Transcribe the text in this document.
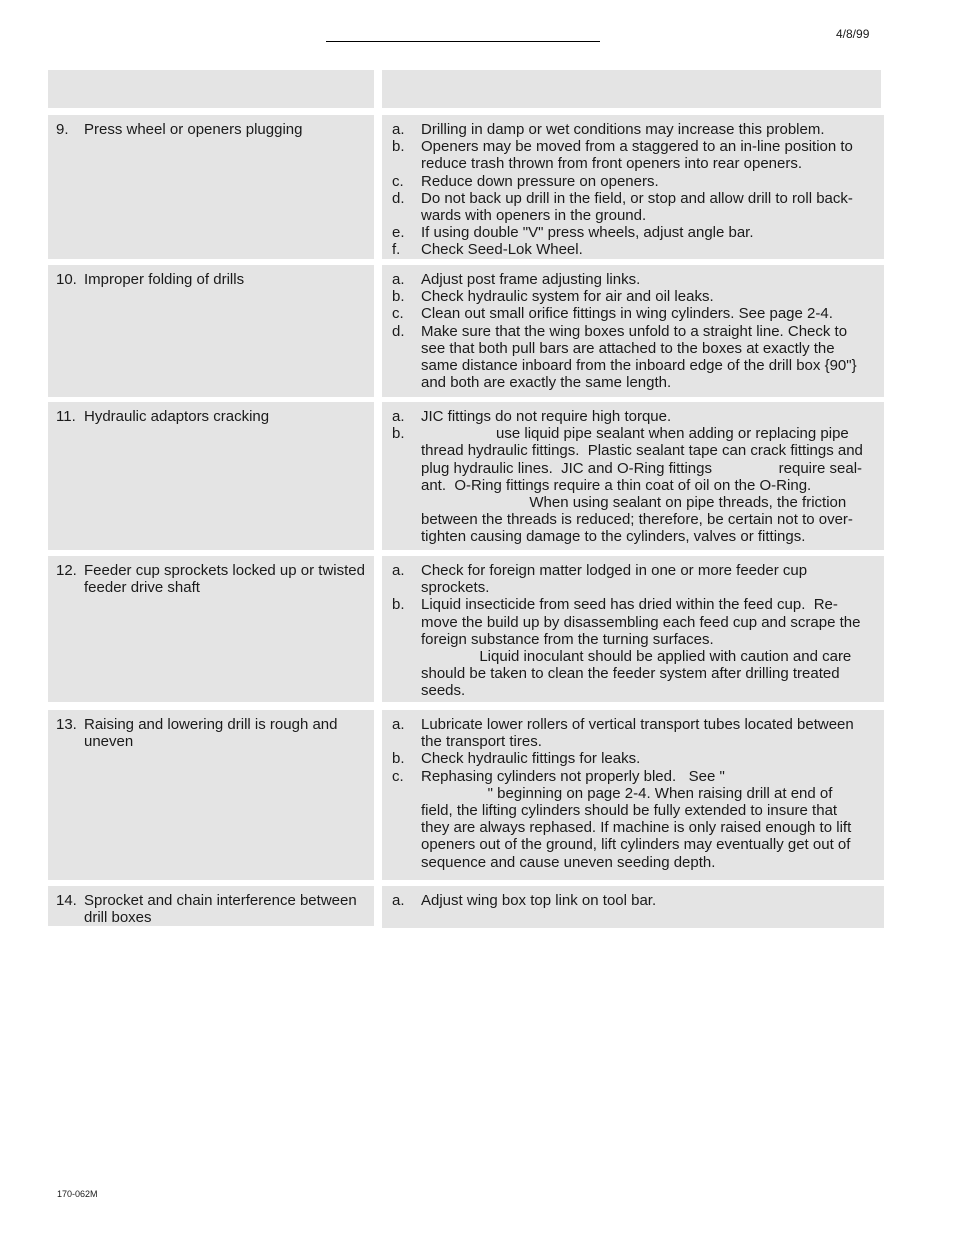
4/8/99
9.	Press wheel or openers plugging	a.	Drilling in damp or wet conditions may increase this problem.
b.	Openers may be moved from a staggered to an in-line position to reduce trash thrown from front openers into rear openers.
c.	Reduce down pressure on openers.
d.	Do not back up drill in the field, or stop and allow drill to roll back-wards with openers in the ground.
e.	If using double "V" press wheels, adjust angle bar.
f.	Check Seed-Lok Wheel.
10. Improper folding of drills	a.	Adjust post frame adjusting links.
b.	Check hydraulic system for air and oil leaks.
c.	Clean out small orifice fittings in wing cylinders. See page 2-4.
d.	Make sure that the wing boxes unfold to a straight line. Check to see that both pull bars are attached to the boxes at exactly the same distance inboard from the inboard edge of the drill box {90"} and both are exactly the same length.
11. Hydraulic adaptors cracking	a.	JIC fittings do not require high torque.
b.	use liquid pipe sealant when adding or replacing pipe
thread hydraulic fittings.  Plastic sealant tape can crack fittings and
plug hydraulic lines.  JIC and O-Ring fittings                require seal-
ant.  O-Ring fittings require a thin coat of oil on the O-Ring.
When using sealant on pipe threads, the friction
between the threads is reduced; therefore, be certain not to over-
tighten causing damage to the cylinders, valves or fittings.
12. Feeder cup sprockets locked up or twisted feeder drive shaft
a.	Check for foreign matter lodged in one or more feeder cup sprockets.
b.	Liquid insecticide from seed has dried within the feed cup.  Re-
move the build up by disassembling each feed cup and scrape the
foreign substance from the turning surfaces.
Liquid inoculant should be applied with caution and care
should be taken to clean the feeder system after drilling treated
seeds.
13. Raising and lowering drill is rough and uneven
a.	Lubricate lower rollers of vertical transport tubes located between the transport tires.
b.	Check hydraulic fittings for leaks.
c.	Rephasing cylinders not properly bled.   See "
" beginning on page 2-4. When raising drill at end of
field, the lifting cylinders should be fully extended to insure that
they are always rephased. If machine is only raised enough to lift
openers out of the ground, lift cylinders may eventually get out of
sequence and cause uneven seeding depth.
14. Sprocket and chain interference between drill boxes
a.	Adjust wing box top link on tool bar.
170-062M
